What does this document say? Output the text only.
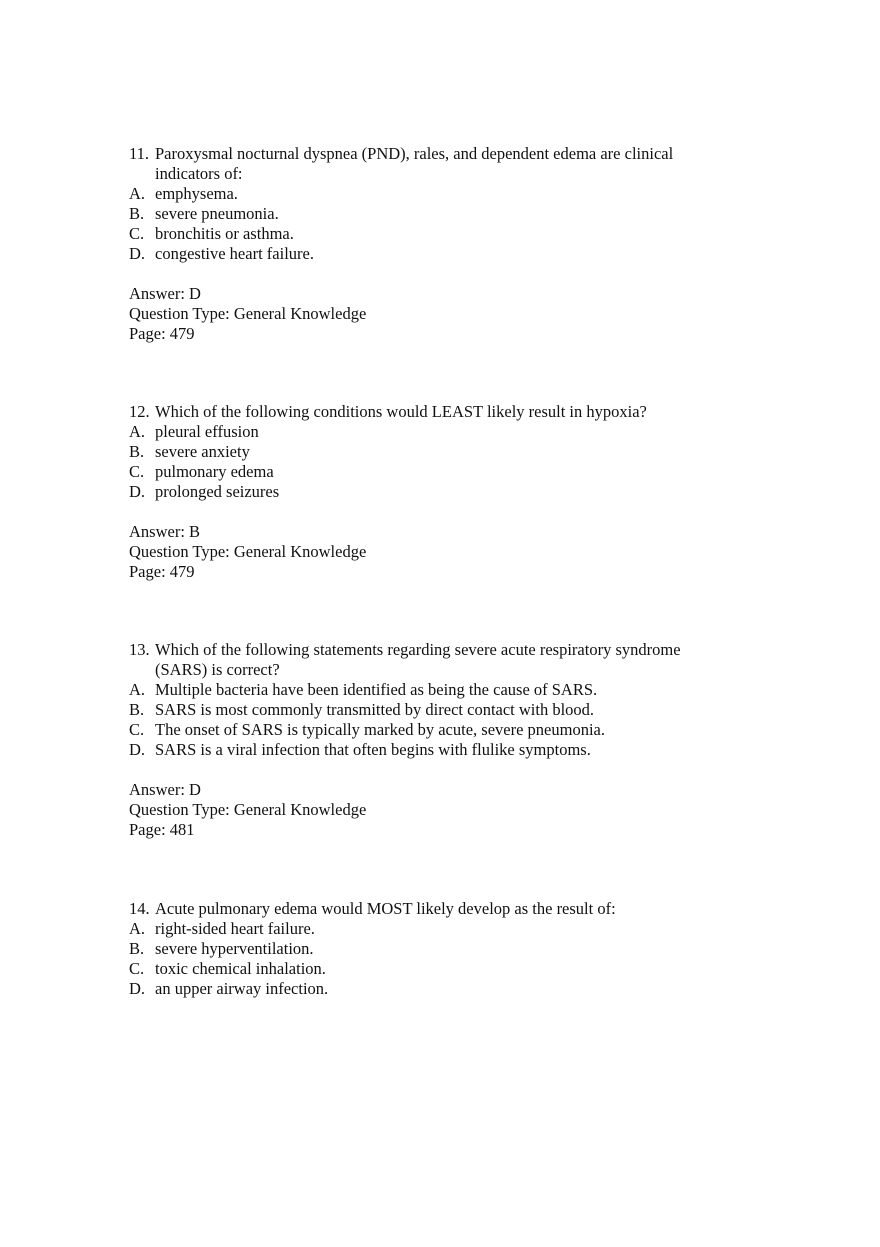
11. Paroxysmal nocturnal dyspnea (PND), rales, and dependent edema are clinical
indicators of:
A. emphysema.
B. severe pneumonia.
C. bronchitis or asthma.
D. congestive heart failure.
Answer: D
Question Type: General Knowledge
Page: 479
12. Which of the following conditions would LEAST likely result in hypoxia?
A. pleural effusion
B. severe anxiety
C. pulmonary edema
D. prolonged seizures
Answer: B
Question Type: General Knowledge
Page: 479
13. Which of the following statements regarding severe acute respiratory syndrome
(SARS) is correct?
A. Multiple bacteria have been identified as being the cause of SARS.
B. SARS is most commonly transmitted by direct contact with blood.
C. The onset of SARS is typically marked by acute, severe pneumonia.
D. SARS is a viral infection that often begins with flulike symptoms.
Answer: D
Question Type: General Knowledge
Page: 481
14. Acute pulmonary edema would MOST likely develop as the result of:
A. right-sided heart failure.
B. severe hyperventilation.
C. toxic chemical inhalation.
D. an upper airway infection.
